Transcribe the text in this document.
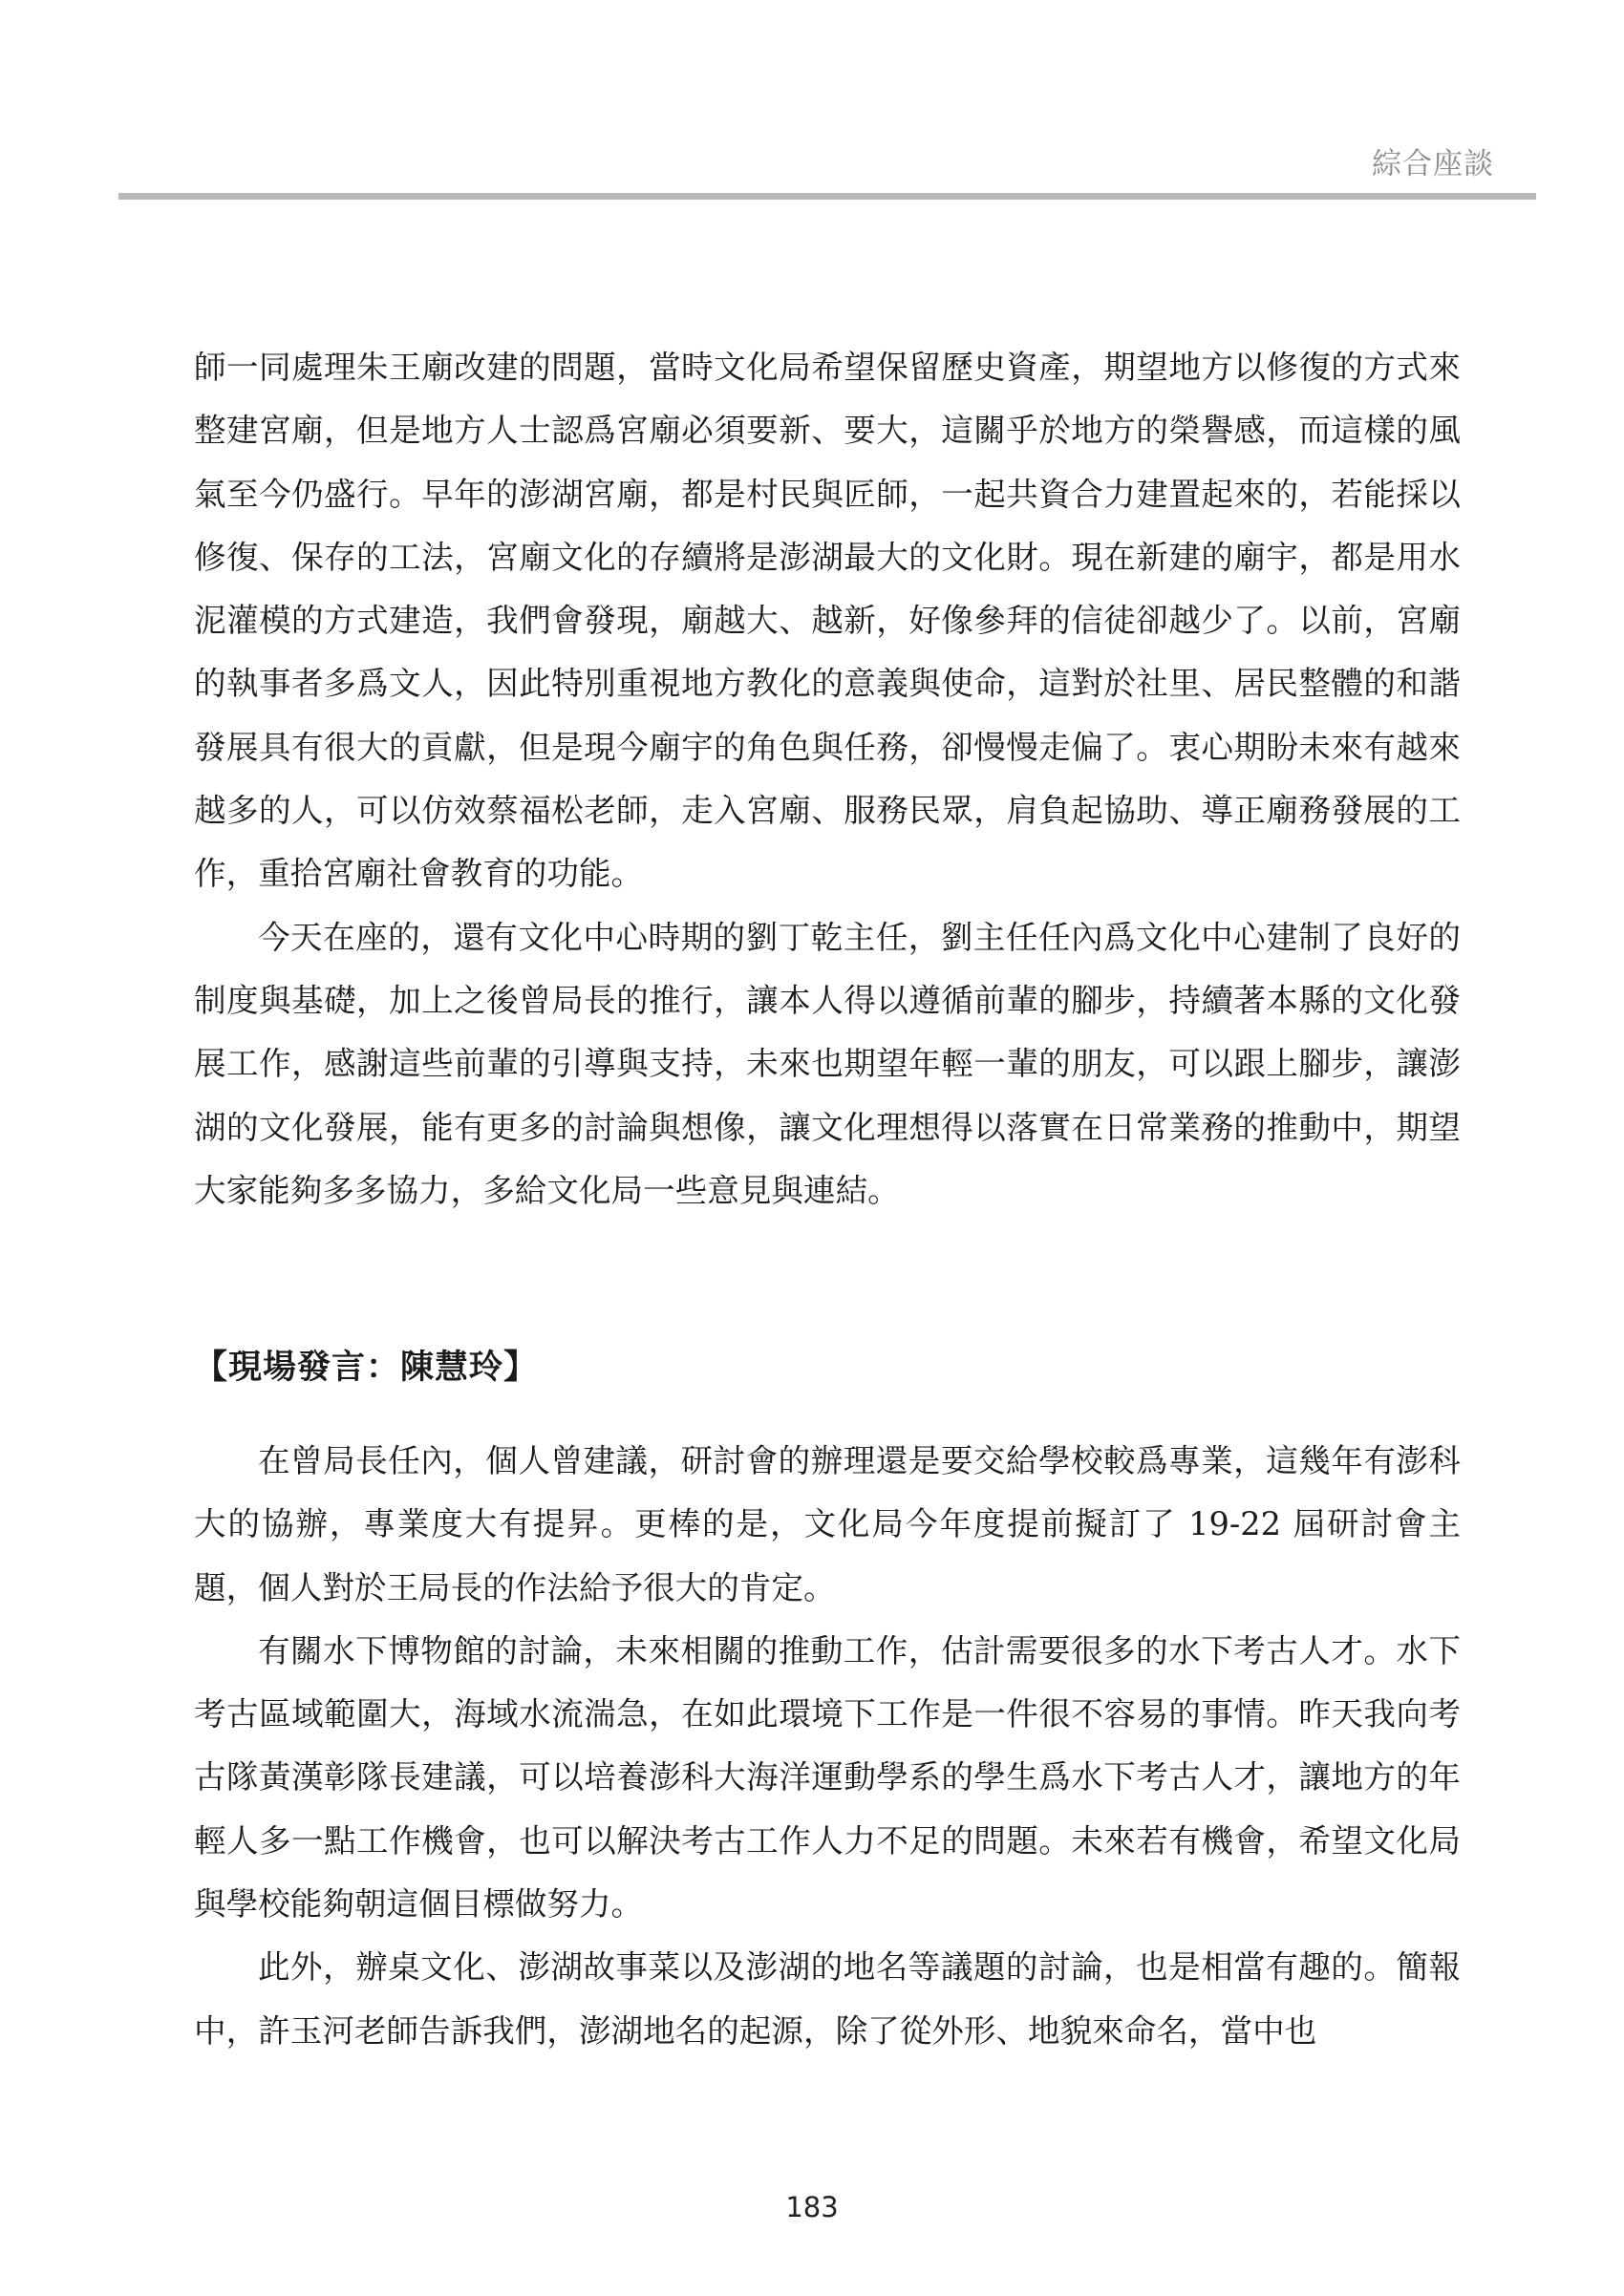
綜合座談

師一同處理朱王廟改建的問題，當時文化局希望保留歷史資產，期望地方以修復的方式來整建宮廟，但是地方人士認爲宮廟必須要新、要大，這關乎於地方的榮譽感，而這樣的風氣至今仍盛行。早年的澎湖宮廟，都是村民與匠師，一起共資合力建置起來的，若能採以修復、保存的工法，宮廟文化的存續將是澎湖最大的文化財。現在新建的廟宇，都是用水泥灌模的方式建造，我們會發現，廟越大、越新，好像參拜的信徒卻越少了。以前，宮廟的執事者多爲文人，因此特別重視地方教化的意義與使命，這對於社里、居民整體的和諧發展具有很大的貢獻，但是現今廟宇的角色與任務，卻慢慢走偏了。衷心期盼未來有越來越多的人，可以仿效蔡福松老師，走入宮廟、服務民眾，肩負起協助、導正廟務發展的工作，重拾宮廟社會教育的功能。

今天在座的，還有文化中心時期的劉丁乾主任，劉主任任內爲文化中心建制了良好的制度與基礎，加上之後曾局長的推行，讓本人得以遵循前輩的腳步，持續著本縣的文化發展工作，感謝這些前輩的引導與支持，未來也期望年輕一輩的朋友，可以跟上腳步，讓澎湖的文化發展，能有更多的討論與想像，讓文化理想得以落實在日常業務的推動中，期望大家能夠多多協力，多給文化局一些意見與連結。

【現場發言：陳慧玲】

在曾局長任內，個人曾建議，研討會的辦理還是要交給學校較爲專業，這幾年有澎科大的協辦，專業度大有提昇。更棒的是，文化局今年度提前擬訂了 19-22 屆研討會主題，個人對於王局長的作法給予很大的肯定。

有關水下博物館的討論，未來相關的推動工作，估計需要很多的水下考古人才。水下考古區域範圍大，海域水流湍急，在如此環境下工作是一件很不容易的事情。昨天我向考古隊黃漢彰隊長建議，可以培養澎科大海洋運動學系的學生爲水下考古人才，讓地方的年輕人多一點工作機會，也可以解決考古工作人力不足的問題。未來若有機會，希望文化局與學校能夠朝這個目標做努力。

此外，辦桌文化、澎湖故事菜以及澎湖的地名等議題的討論，也是相當有趣的。簡報中，許玉河老師告訴我們，澎湖地名的起源，除了從外形、地貌來命名，當中也

183
